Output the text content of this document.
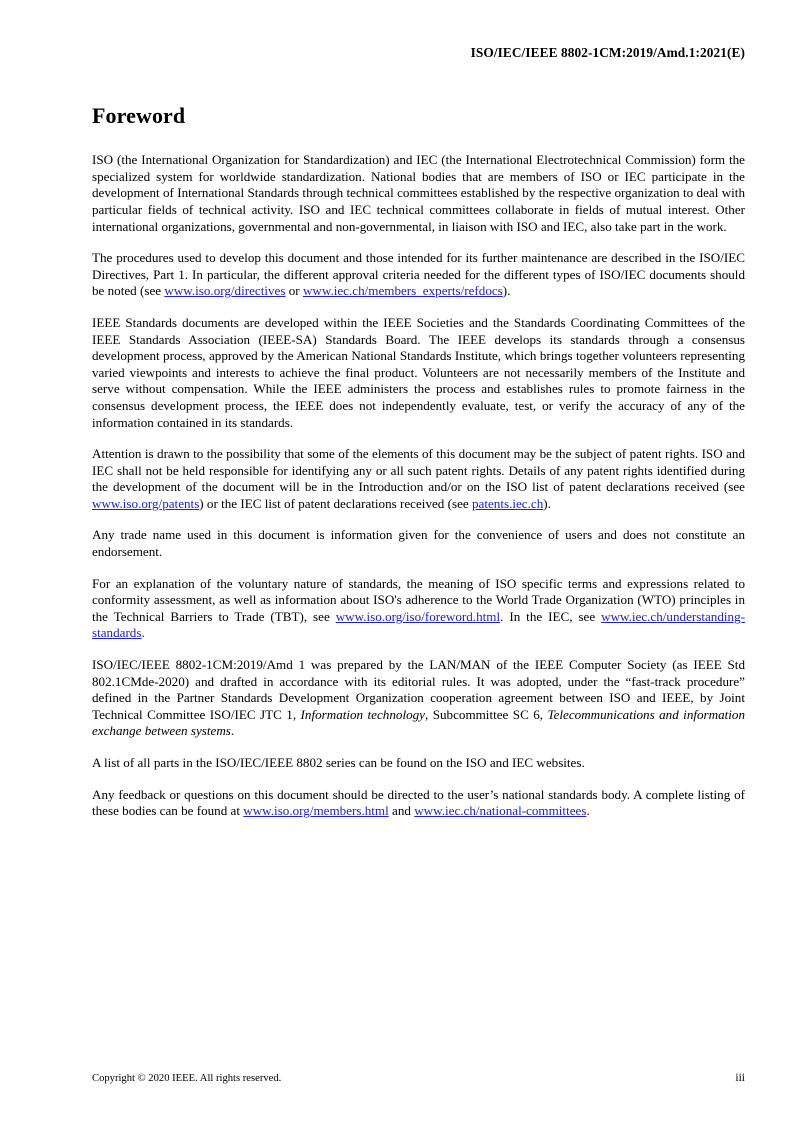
ISO/IEC/IEEE 8802-1CM:2019/Amd.1:2021(E)
Foreword

ISO (the International Organization for Standardization) and IEC (the International Electrotechnical Commission) form the specialized system for worldwide standardization. National bodies that are members of ISO or IEC participate in the development of International Standards through technical committees established by the respective organization to deal with particular fields of technical activity. ISO and IEC technical committees collaborate in fields of mutual interest. Other international organizations, governmental and non-governmental, in liaison with ISO and IEC, also take part in the work.

The procedures used to develop this document and those intended for its further maintenance are described in the ISO/IEC Directives, Part 1. In particular, the different approval criteria needed for the different types of ISO/IEC documents should be noted (see www.iso.org/directives or www.iec.ch/members_experts/refdocs).

IEEE Standards documents are developed within the IEEE Societies and the Standards Coordinating Committees of the IEEE Standards Association (IEEE-SA) Standards Board. The IEEE develops its standards through a consensus development process, approved by the American National Standards Institute, which brings together volunteers representing varied viewpoints and interests to achieve the final product. Volunteers are not necessarily members of the Institute and serve without compensation. While the IEEE administers the process and establishes rules to promote fairness in the consensus development process, the IEEE does not independently evaluate, test, or verify the accuracy of any of the information contained in its standards.

Attention is drawn to the possibility that some of the elements of this document may be the subject of patent rights. ISO and IEC shall not be held responsible for identifying any or all such patent rights. Details of any patent rights identified during the development of the document will be in the Introduction and/or on the ISO list of patent declarations received (see www.iso.org/patents) or the IEC list of patent declarations received (see patents.iec.ch).

Any trade name used in this document is information given for the convenience of users and does not constitute an endorsement.

For an explanation of the voluntary nature of standards, the meaning of ISO specific terms and expressions related to conformity assessment, as well as information about ISO's adherence to the World Trade Organization (WTO) principles in the Technical Barriers to Trade (TBT), see www.iso.org/iso/foreword.html. In the IEC, see www.iec.ch/understanding-standards.

ISO/IEC/IEEE 8802-1CM:2019/Amd 1 was prepared by the LAN/MAN of the IEEE Computer Society (as IEEE Std 802.1CMde-2020) and drafted in accordance with its editorial rules. It was adopted, under the “fast-track procedure” defined in the Partner Standards Development Organization cooperation agreement between ISO and IEEE, by Joint Technical Committee ISO/IEC JTC 1, Information technology, Subcommittee SC 6, Telecommunications and information exchange between systems.

A list of all parts in the ISO/IEC/IEEE 8802 series can be found on the ISO and IEC websites.

Any feedback or questions on this document should be directed to the user’s national standards body. A complete listing of these bodies can be found at www.iso.org/members.html and www.iec.ch/national-committees.

Copyright © 2020 IEEE. All rights reserved.	iii
